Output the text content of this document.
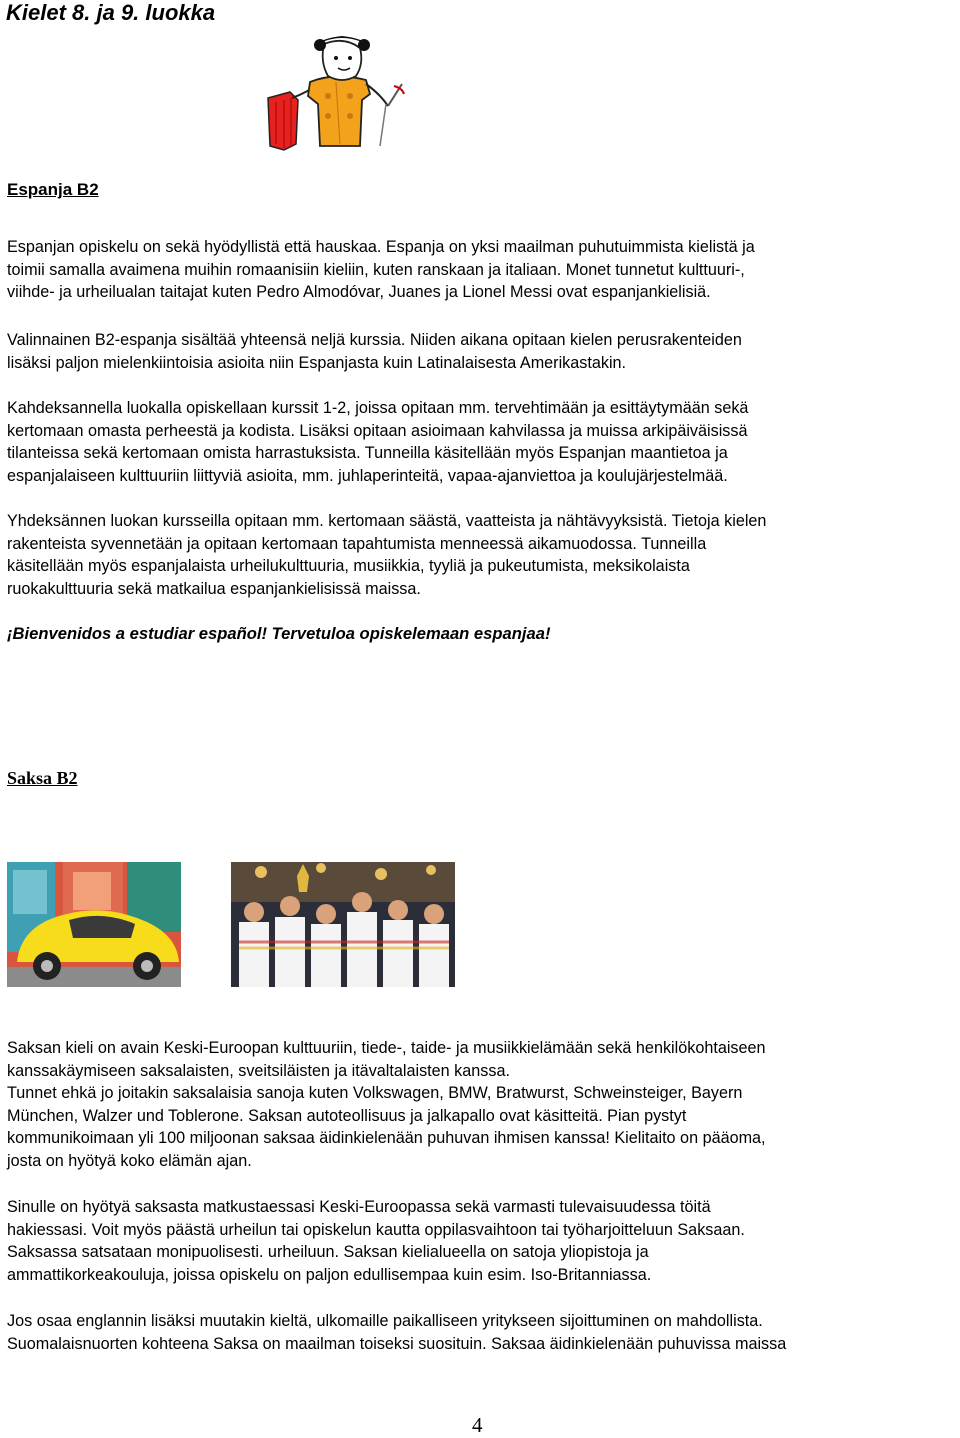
Kielet 8. ja 9. luokka
Espanja B2

Espanjan opiskelu on sekä hyödyllistä että hauskaa. Espanja on yksi maailman puhutuimmista kielistä ja
toimii samalla avaimena muihin romaanisiin kieliin, kuten ranskaan ja italiaan. Monet tunnetut kulttuuri-,
viihde- ja urheilualan taitajat kuten Pedro Almodóvar, Juanes ja Lionel Messi ovat espanjankielisiä.

Valinnainen B2-espanja sisältää yhteensä neljä kurssia. Niiden aikana opitaan kielen perusrakenteiden
lisäksi paljon mielenkiintoisia asioita niin Espanjasta kuin Latinalaisesta Amerikastakin.

Kahdeksannella luokalla opiskellaan kurssit 1-2, joissa opitaan mm. tervehtimään ja esittäytymään sekä
kertomaan omasta perheestä ja kodista. Lisäksi opitaan asioimaan kahvilassa ja muissa arkipäiväisissä
tilanteissa sekä kertomaan omista harrastuksista. Tunneilla käsitellään myös Espanjan maantietoa ja
espanjalaiseen kulttuuriin liittyviä asioita, mm. juhlaperinteitä, vapaa-ajanviettoa ja koulujärjestelmää.

Yhdeksännen luokan kursseilla opitaan mm. kertomaan säästä, vaatteista ja nähtävyyksistä. Tietoja kielen
rakenteista syvennetään ja opitaan kertomaan tapahtumista menneessä aikamuodossa. Tunneilla
käsitellään myös espanjalaista urheilukulttuuria, musiikkia, tyyliä ja pukeutumista, meksikolaista
ruokakulttuuria sekä matkailua espanjankielisissä maissa.

¡Bienvenidos a estudiar español! Tervetuloa opiskelemaan espanjaa!

Saksa B2

Saksan kieli on avain Keski-Euroopan kulttuuriin, tiede-, taide- ja musiikkielämään sekä henkilökohtaiseen
kanssakäymiseen saksalaisten, sveitsiläisten ja itävaltalaisten kanssa.
Tunnet ehkä jo joitakin saksalaisia sanoja kuten Volkswagen, BMW, Bratwurst, Schweinsteiger, Bayern
München, Walzer und Toblerone. Saksan autoteollisuus ja jalkapallo ovat käsitteitä. Pian pystyt
kommunikoimaan yli 100 miljoonan saksaa äidinkielenään puhuvan ihmisen kanssa! Kielitaito on pääoma,
josta on hyötyä koko elämän ajan.

Sinulle on hyötyä saksasta matkustaessasi Keski-Euroopassa sekä varmasti tulevaisuudessa töitä
hakiessasi. Voit myös päästä urheilun tai opiskelun kautta oppilasvaihtoon tai työharjoitteluun Saksaan.
Saksassa satsataan monipuolisesti. urheiluun. Saksan kielialueella on satoja yliopistoja ja
ammattikorkeakouluja, joissa opiskelu on paljon edullisempaa kuin esim. Iso-Britanniassa.

Jos osaa englannin lisäksi muutakin kieltä, ulkomaille paikalliseen yritykseen sijoittuminen on mahdollista.
Suomalaisnuorten kohteena Saksa on maailman toiseksi suosituin. Saksaa äidinkielenään puhuvissa maissa

4
